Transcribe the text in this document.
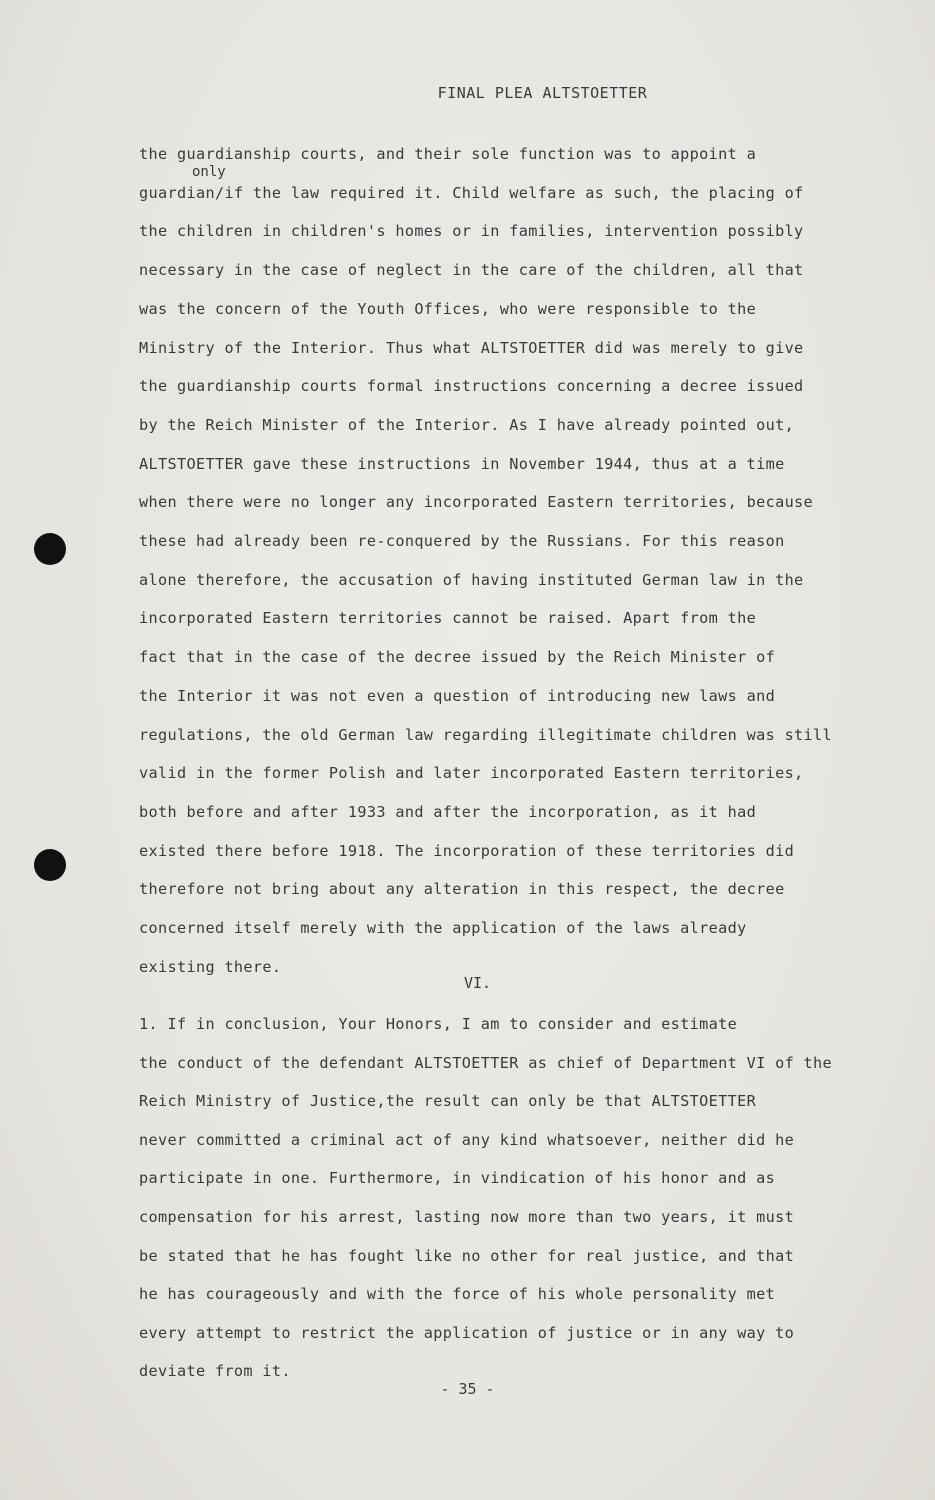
FINAL PLEA ALTSTOETTER
only
the guardianship courts, and their sole function was to appoint a
guardian/if the law required it. Child welfare as such, the placing of
the children in children's homes or in families, intervention possibly
necessary in the case of neglect in the care of the children, all that
was the concern of the Youth Offices, who were responsible to the
Ministry of the Interior. Thus what ALTSTOETTER did was merely to give
the guardianship courts formal instructions concerning a decree issued
by the Reich Minister of the Interior. As I have already pointed out,
ALTSTOETTER gave these instructions in November 1944, thus at a time
when there were no longer any incorporated Eastern territories, because
these had already been re-conquered by the Russians. For this reason
alone therefore, the accusation of having instituted German law in the
incorporated Eastern territories cannot be raised. Apart from the
fact that in the case of the decree issued by the Reich Minister of
the Interior it was not even a question of introducing new laws and
regulations, the old German law regarding illegitimate children was still
valid in the former Polish and later incorporated Eastern territories,
both before and after 1933 and after the incorporation, as it had
existed there before 1918. The incorporation of these territories did
therefore not bring about any alteration in this respect, the decree
concerned itself merely with the application of the laws already
existing there.
VI.
1. If in conclusion, Your Honors, I am to consider and estimate
the conduct of the defendant ALTSTOETTER as chief of Department VI of the
Reich Ministry of Justice,the result can only be that ALTSTOETTER
never committed a criminal act of any kind whatsoever, neither did he
participate in one. Furthermore, in vindication of his honor and as
compensation for his arrest, lasting now more than two years, it must
be stated that he has fought like no other for real justice, and that
he has courageously and with the force of his whole personality met
every attempt to restrict the application of justice or in any way to
deviate from it.
- 35 -
